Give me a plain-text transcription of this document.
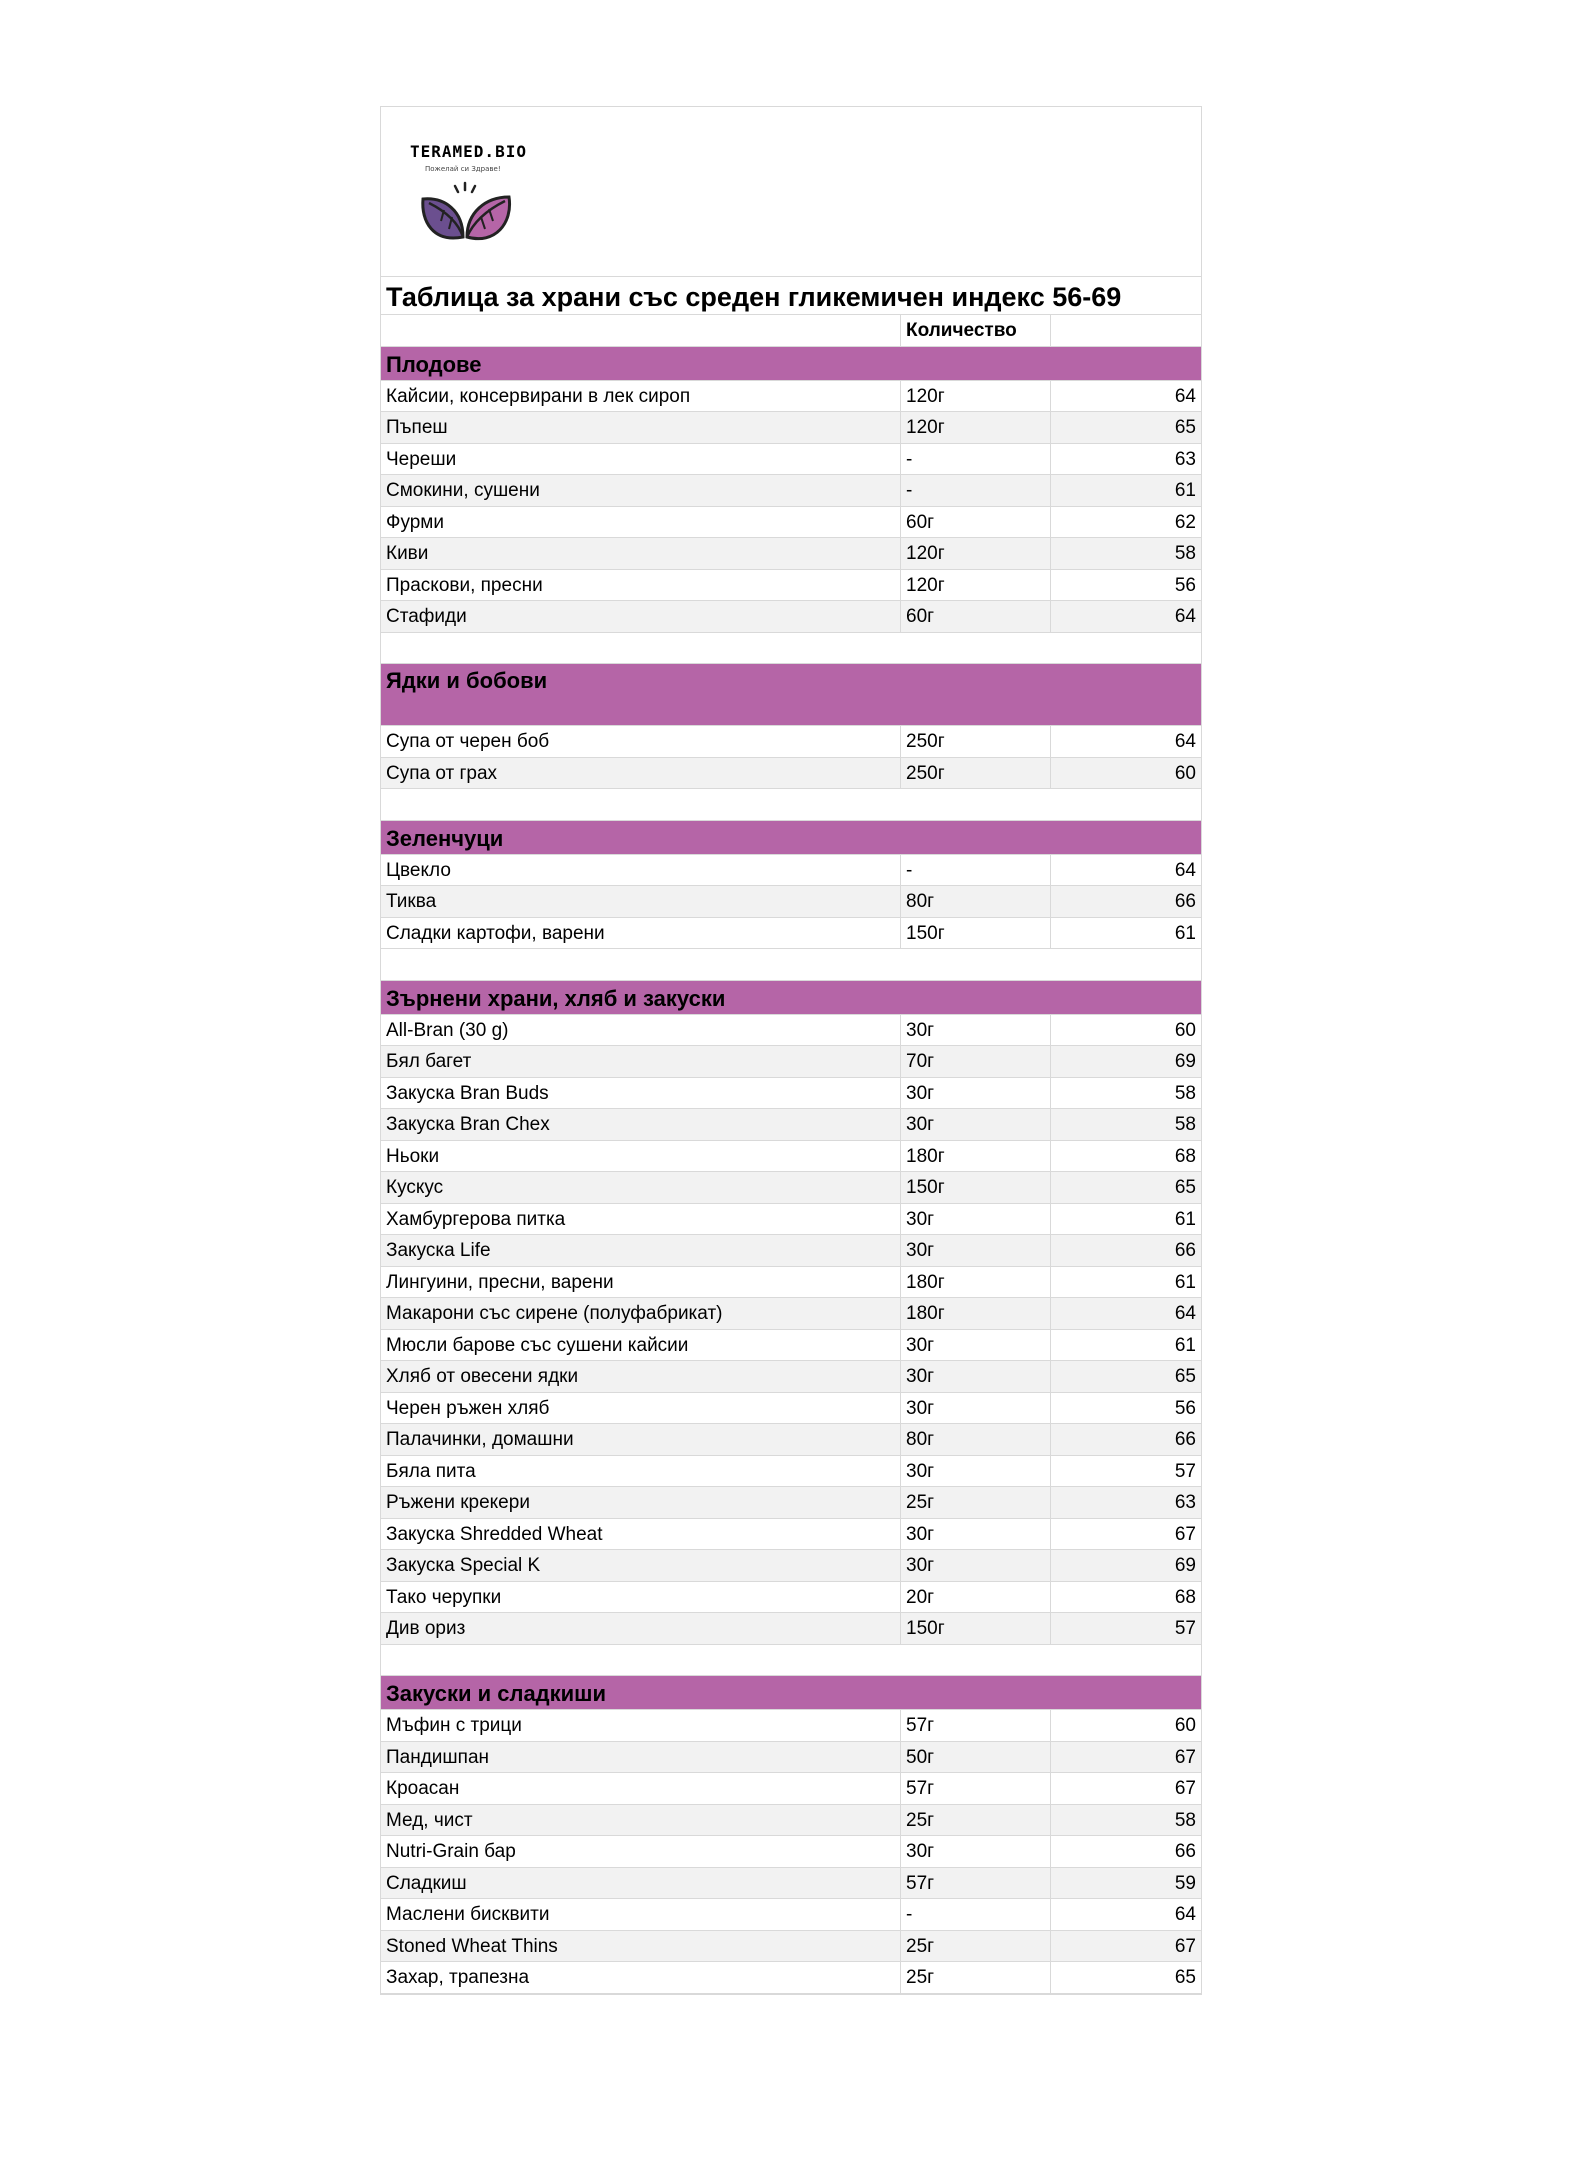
TERAMED.BIO
Пожелай си Здраве!
Таблица за храни със среден гликемичен индекс 56-69
Количество
Плодове
Кайсии, консервирани в лек сироп	120г	64
Пъпеш	120г	65
Череши	-	63
Смокини, сушени	-	61
Фурми	60г	62
Киви	120г	58
Праскови, пресни	120г	56
Стафиди	60г	64
Ядки и бобови
Супа от черен боб	250г	64
Супа от грах	250г	60
Зеленчуци
Цвекло	-	64
Тиква	80г	66
Сладки картофи, варени	150г	61
Зърнени храни, хляб и закуски
All-Bran (30 g)	30г	60
Бял багет	70г	69
Закуска Bran Buds	30г	58
Закуска Bran Chex	30г	58
Ньоки	180г	68
Кускус	150г	65
Хамбургерова питка	30г	61
Закуска Life	30г	66
Лингуини, пресни, варени	180г	61
Макарони със сирене (полуфабрикат)	180г	64
Мюсли барове със сушени кайсии	30г	61
Хляб от овесени ядки	30г	65
Черен ръжен хляб	30г	56
Палачинки, домашни	80г	66
Бяла пита	30г	57
Ръжени крекери	25г	63
Закуска Shredded Wheat	30г	67
Закуска Special K	30г	69
Тако черупки	20г	68
Див ориз	150г	57
Закуски и сладкиши
Мъфин с трици	57г	60
Пандишпан	50г	67
Кроасан	57г	67
Мед, чист	25г	58
Nutri-Grain бар	30г	66
Сладкиш	57г	59
Маслени бисквити	-	64
Stoned Wheat Thins	25г	67
Захар, трапезна	25г	65
